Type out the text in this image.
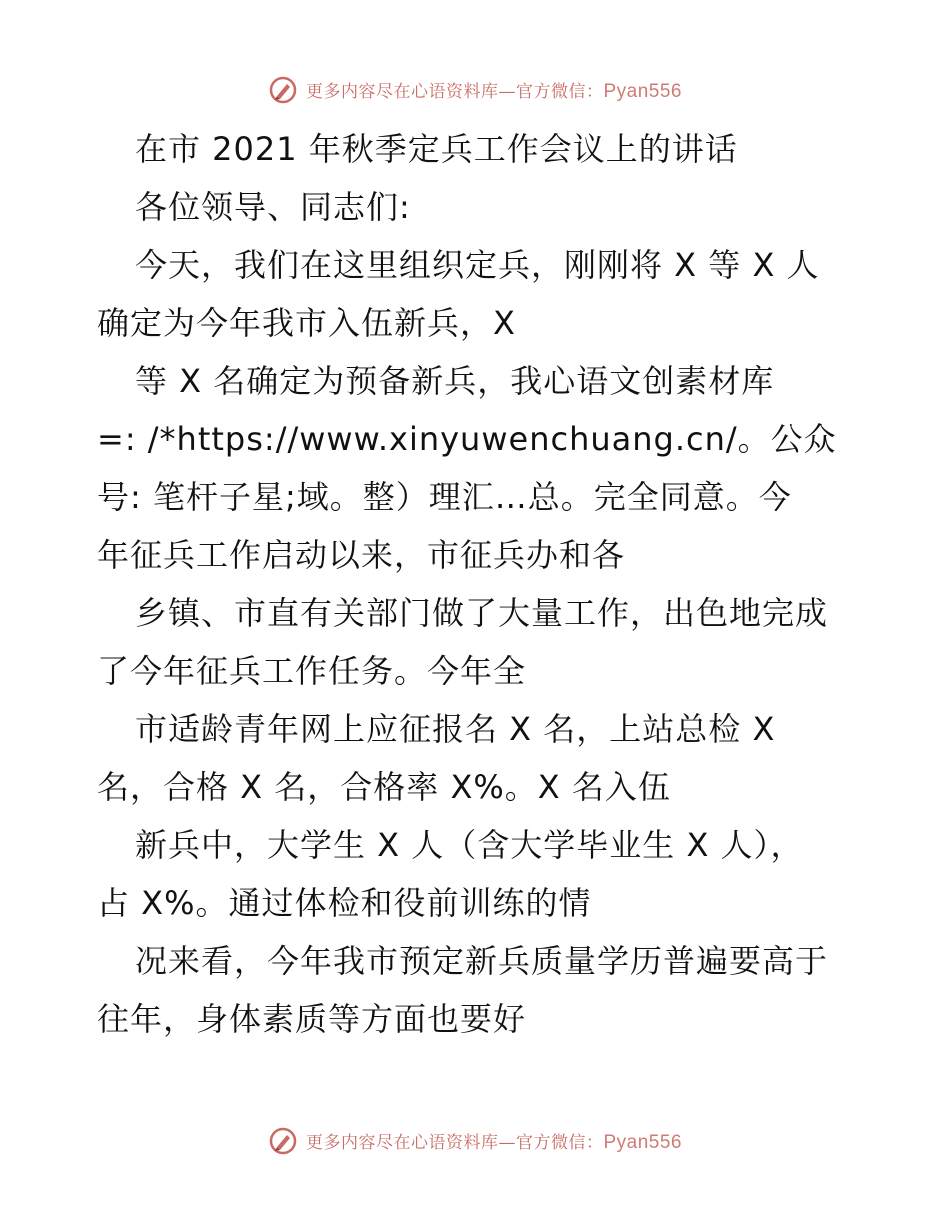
更多内容尽在心语资料库—官方微信：Pyan556
在市 2021 年秋季定兵工作会议上的讲话
各位领导、同志们:
今天，我们在这里组织定兵，刚刚将 X 等 X 人
确定为今年我市入伍新兵，X
等 X 名确定为预备新兵，我心语文创素材库
=: /*https://www.xinyuwenchuang.cn/。公众
号: 笔杆子星;域。整）理汇…总。完全同意。今
年征兵工作启动以来，市征兵办和各
乡镇、市直有关部门做了大量工作，出色地完成
了今年征兵工作任务。今年全
市适龄青年网上应征报名 X 名，上站总检 X
名，合格 X 名，合格率 X%。X 名入伍
新兵中，大学生 X 人（含大学毕业生 X 人），
占 X%。通过体检和役前训练的情
况来看，今年我市预定新兵质量学历普遍要高于
往年，身体素质等方面也要好
更多内容尽在心语资料库—官方微信：Pyan556
